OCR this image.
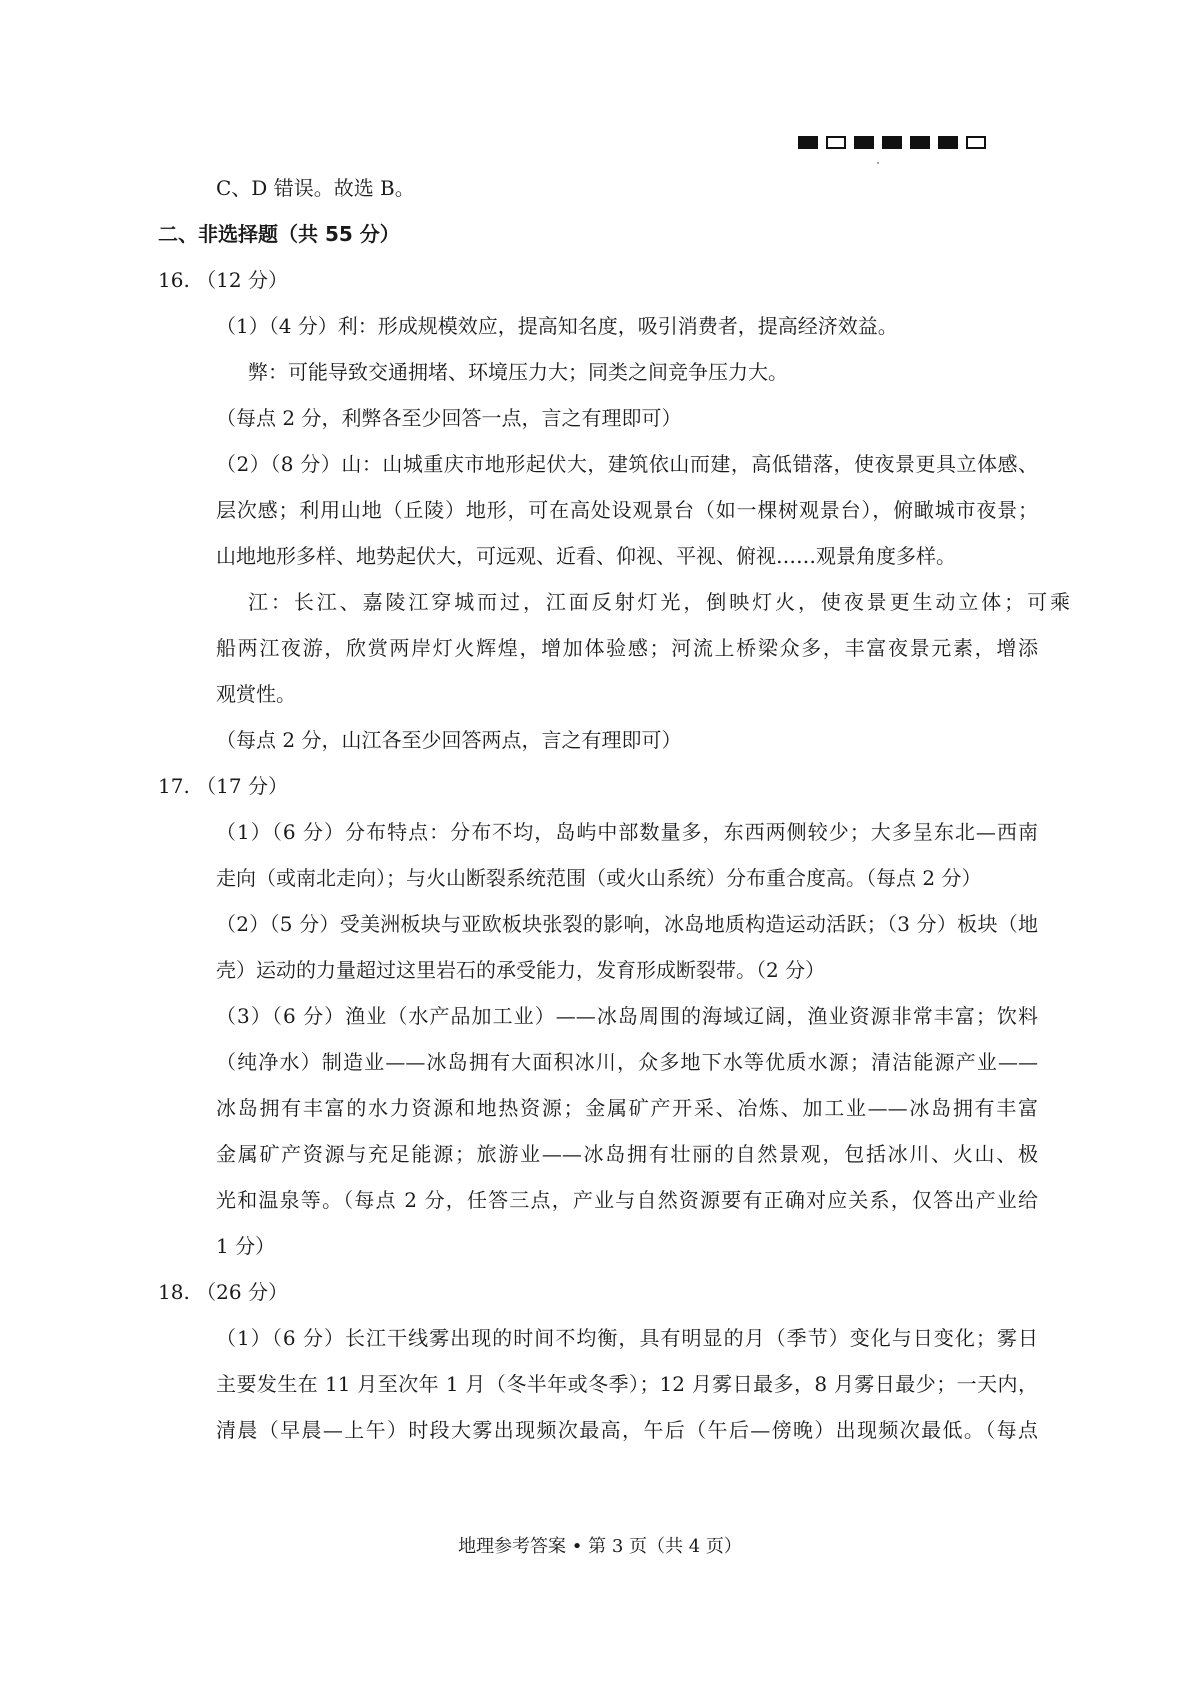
C、D 错误。故选 B。
二、非选择题（共 55 分）
16. （12 分）
（1）（4 分）利：形成规模效应，提高知名度，吸引消费者，提高经济效益。
弊：可能导致交通拥堵、环境压力大；同类之间竞争压力大。
（每点 2 分，利弊各至少回答一点，言之有理即可）
（2）（8 分）山：山城重庆市地形起伏大，建筑依山而建，高低错落，使夜景更具立体感、
层次感；利用山地（丘陵）地形，可在高处设观景台（如一棵树观景台），俯瞰城市夜景；
山地地形多样、地势起伏大，可远观、近看、仰视、平视、俯视……观景角度多样。
江：长江、嘉陵江穿城而过，江面反射灯光，倒映灯火，使夜景更生动立体；可乘
船两江夜游，欣赏两岸灯火辉煌，增加体验感；河流上桥梁众多，丰富夜景元素，增添
观赏性。
（每点 2 分，山江各至少回答两点，言之有理即可）
17. （17 分）
（1）（6 分）分布特点：分布不均，岛屿中部数量多，东西两侧较少；大多呈东北—西南
走向（或南北走向）；与火山断裂系统范围（或火山系统）分布重合度高。（每点 2 分）
（2）（5 分）受美洲板块与亚欧板块张裂的影响，冰岛地质构造运动活跃；（3 分）板块（地
壳）运动的力量超过这里岩石的承受能力，发育形成断裂带。（2 分）
（3）（6 分）渔业（水产品加工业）——冰岛周围的海域辽阔，渔业资源非常丰富；饮料
（纯净水）制造业——冰岛拥有大面积冰川，众多地下水等优质水源；清洁能源产业——
冰岛拥有丰富的水力资源和地热资源；金属矿产开采、冶炼、加工业——冰岛拥有丰富
金属矿产资源与充足能源；旅游业——冰岛拥有壮丽的自然景观，包括冰川、火山、极
光和温泉等。（每点 2 分，任答三点，产业与自然资源要有正确对应关系，仅答出产业给
1 分）
18. （26 分）
（1）（6 分）长江干线雾出现的时间不均衡，具有明显的月（季节）变化与日变化；雾日
主要发生在 11 月至次年 1 月（冬半年或冬季）；12 月雾日最多，8 月雾日最少；一天内，
清晨（早晨—上午）时段大雾出现频次最高，午后（午后—傍晚）出现频次最低。（每点
地理参考答案 • 第 3 页（共 4 页）
